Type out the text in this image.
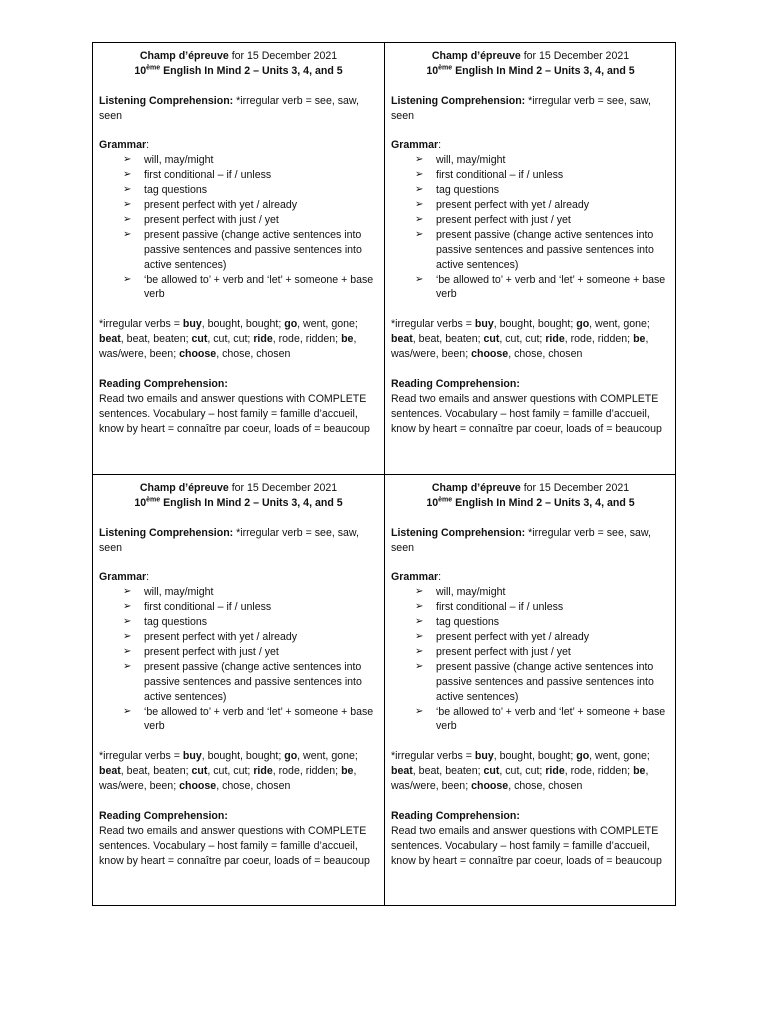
Champ d’épreuve for 15 December 2021
10ème English In Mind 2 – Units 3, 4, and 5

Listening Comprehension: *irregular verb = see, saw, seen

Grammar:

➢	will, may/might
➢	first conditional – if / unless
➢	tag questions
➢	present perfect with yet / already
➢	present perfect with just / yet
➢	present passive (change active sentences into passive sentences and passive sentences into active sentences)
➢	‘be allowed to’ + verb and ‘let’ + someone + base verb

*irregular verbs = buy, bought, bought; go, went, gone; beat, beat, beaten; cut, cut, cut; ride, rode, ridden; be, was/were, been; choose, chose, chosen

Reading Comprehension:

Read two emails and answer questions with COMPLETE sentences. Vocabulary – host family = famille d’accueil, know by heart = connaître par coeur, loads of = beaucoup

Champ d’épreuve for 15 December 2021
10ème English In Mind 2 – Units 3, 4, and 5

Listening Comprehension: *irregular verb = see, saw, seen

Grammar:

➢	will, may/might
➢	first conditional – if / unless
➢	tag questions
➢	present perfect with yet / already
➢	present perfect with just / yet
➢	present passive (change active sentences into passive sentences and passive sentences into active sentences)
➢	‘be allowed to’ + verb and ‘let’ + someone + base verb

*irregular verbs = buy, bought, bought; go, went, gone; beat, beat, beaten; cut, cut, cut; ride, rode, ridden; be, was/were, been; choose, chose, chosen

Reading Comprehension:

Read two emails and answer questions with COMPLETE sentences. Vocabulary – host family = famille d’accueil, know by heart = connaître par coeur, loads of = beaucoup

Champ d’épreuve for 15 December 2021
10ème English In Mind 2 – Units 3, 4, and 5

Listening Comprehension: *irregular verb = see, saw, seen

Grammar:

➢	will, may/might
➢	first conditional – if / unless
➢	tag questions
➢	present perfect with yet / already
➢	present perfect with just / yet
➢	present passive (change active sentences into passive sentences and passive sentences into active sentences)
➢	‘be allowed to’ + verb and ‘let’ + someone + base verb

*irregular verbs = buy, bought, bought; go, went, gone; beat, beat, beaten; cut, cut, cut; ride, rode, ridden; be, was/were, been; choose, chose, chosen

Reading Comprehension:

Read two emails and answer questions with COMPLETE sentences. Vocabulary – host family = famille d’accueil, know by heart = connaître par coeur, loads of = beaucoup

Champ d’épreuve for 15 December 2021
10ème English In Mind 2 – Units 3, 4, and 5

Listening Comprehension: *irregular verb = see, saw, seen

Grammar:

➢	will, may/might
➢	first conditional – if / unless
➢	tag questions
➢	present perfect with yet / already
➢	present perfect with just / yet
➢	present passive (change active sentences into passive sentences and passive sentences into active sentences)
➢	‘be allowed to’ + verb and ‘let’ + someone + base verb

*irregular verbs = buy, bought, bought; go, went, gone; beat, beat, beaten; cut, cut, cut; ride, rode, ridden; be, was/were, been; choose, chose, chosen

Reading Comprehension:

Read two emails and answer questions with COMPLETE sentences. Vocabulary – host family = famille d’accueil, know by heart = connaître par coeur, loads of = beaucoup
